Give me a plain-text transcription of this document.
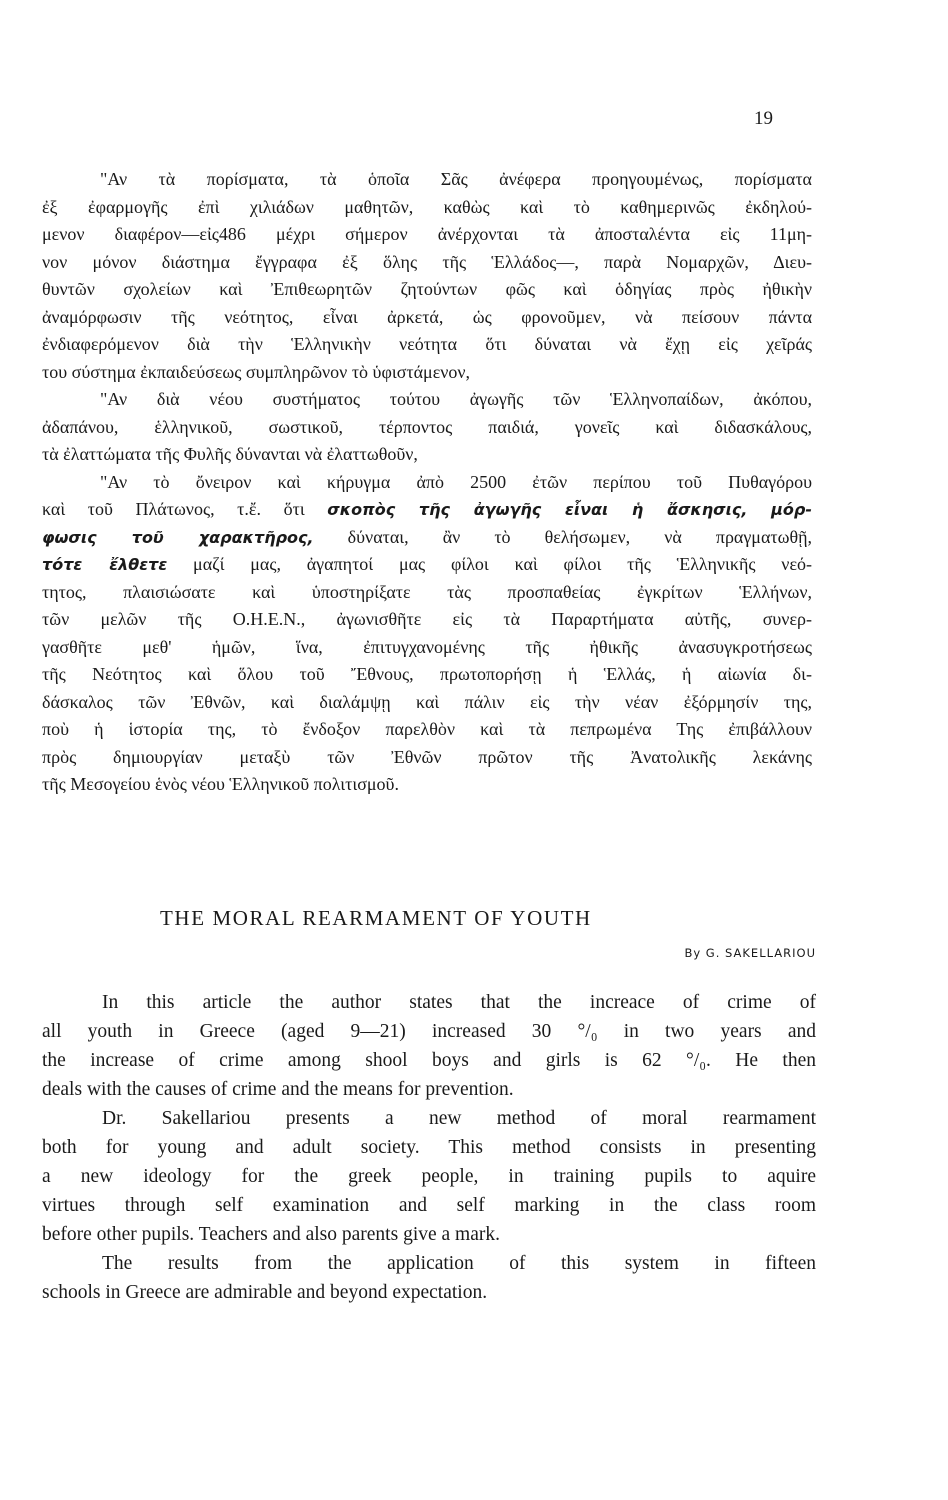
19
"Αν τὰ πορίσματα, τὰ ὁποῖα Σᾶς ἀνέφερα προηγουμένως, πορίσματα
ἐξ ἐφαρμογῆς ἐπὶ χιλιάδων μαθητῶν, καθὼς καὶ τὸ καθημερινῶς ἐκδηλού-
μενον διαφέρον—εἰς486 μέχρι σήμερον ἀνέρχονται τὰ ἀποσταλέντα εἰς 11μη-
νον μόνον διάστημα ἔγγραφα ἐξ ὅλης τῆς Ἑλλάδος—, παρὰ Νομαρχῶν, Διευ-
θυντῶν σχολείων καὶ Ἐπιθεωρητῶν ζητούντων φῶς καὶ ὁδηγίας πρὸς ἠθικὴν
ἀναμόρφωσιν τῆς νεότητος, εἶναι ἀρκετά, ὡς φρονοῦμεν, νὰ πείσουν πάντα
ἐνδιαφερόμενον διὰ τὴν Ἑλληνικὴν νεότητα ὅτι δύναται νὰ ἔχῃ εἰς χεῖράς
του σύστημα ἐκπαιδεύσεως συμπληρῶνον τὸ ὑφιστάμενον,
"Αν διὰ νέου συστήματος τούτου ἀγωγῆς τῶν Ἑλληνοπαίδων, ἀκόπου,
ἀδαπάνου, ἑλληνικοῦ, σωστικοῦ, τέρποντος παιδιά, γονεῖς καὶ διδασκάλους,
τὰ ἐλαττώματα τῆς Φυλῆς δύνανται νὰ ἐλαττωθοῦν,
"Αν τὸ ὄνειρον καὶ κήρυγμα ἀπὸ 2500 ἐτῶν περίπου τοῦ Πυθαγόρου
καὶ τοῦ Πλάτωνος, τ.ἔ. ὅτι σκοπὸς τῆς ἀγωγῆς εἶναι ἡ ἄσκησις, μόρ-
φωσις τοῦ χαρακτῆρος, δύναται, ἂν τὸ θελήσωμεν, νὰ πραγματωθῇ,
τότε ἔλθετε μαζί μας, ἀγαπητοί μας φίλοι καὶ φίλοι τῆς Ἑλληνικῆς νεό-
τητος, πλαισιώσατε καὶ ὑποστηρίξατε τὰς προσπαθείας ἐγκρίτων Ἑλλήνων,
τῶν μελῶν τῆς Ο.Η.Ε.Ν., ἀγωνισθῆτε εἰς τὰ Παραρτήματα αὐτῆς, συνερ-
γασθῆτε μεθ' ἡμῶν, ἵνα, ἐπιτυγχανομένης τῆς ἠθικῆς ἀνασυγκροτήσεως
τῆς Νεότητος καὶ ὅλου τοῦ Ἔθνους, πρωτοπορήσῃ ἡ Ἑλλάς, ἡ αἰωνία δι-
δάσκαλος τῶν Ἐθνῶν, καὶ διαλάμψῃ καὶ πάλιν εἰς τὴν νέαν ἐξόρμησίν της,
ποὺ ἡ ἱστορία της, τὸ ἔνδοξον παρελθὸν καὶ τὰ πεπρωμένα Της ἐπιβάλλουν
πρὸς δημιουργίαν μεταξὺ τῶν Ἐθνῶν πρῶτον τῆς Ἀνατολικῆς λεκάνης
τῆς Μεσογείου ἑνὸς νέου Ἑλληνικοῦ πολιτισμοῦ.
THE MORAL REARMAMENT OF YOUTH
By G. SAKELLARIOU
In this article the author states that the increace of crime of
all youth in Greece (aged 9—21) increased 30 °/₀ in two years and
the increase of crime among shool boys and girls is 62 °/₀. He then
deals with the causes of crime and the means for prevention.
Dr. Sakellariou presents a new method of moral rearmament
both for young and adult society. This method consists in presenting
a new ideology for the greek people, in training pupils to aquire
virtues through self examination and self marking in the class room
before other pupils. Teachers and also parents give a mark.
The results from the application of this system in fifteen
schools in Greece are admirable and beyond expectation.
